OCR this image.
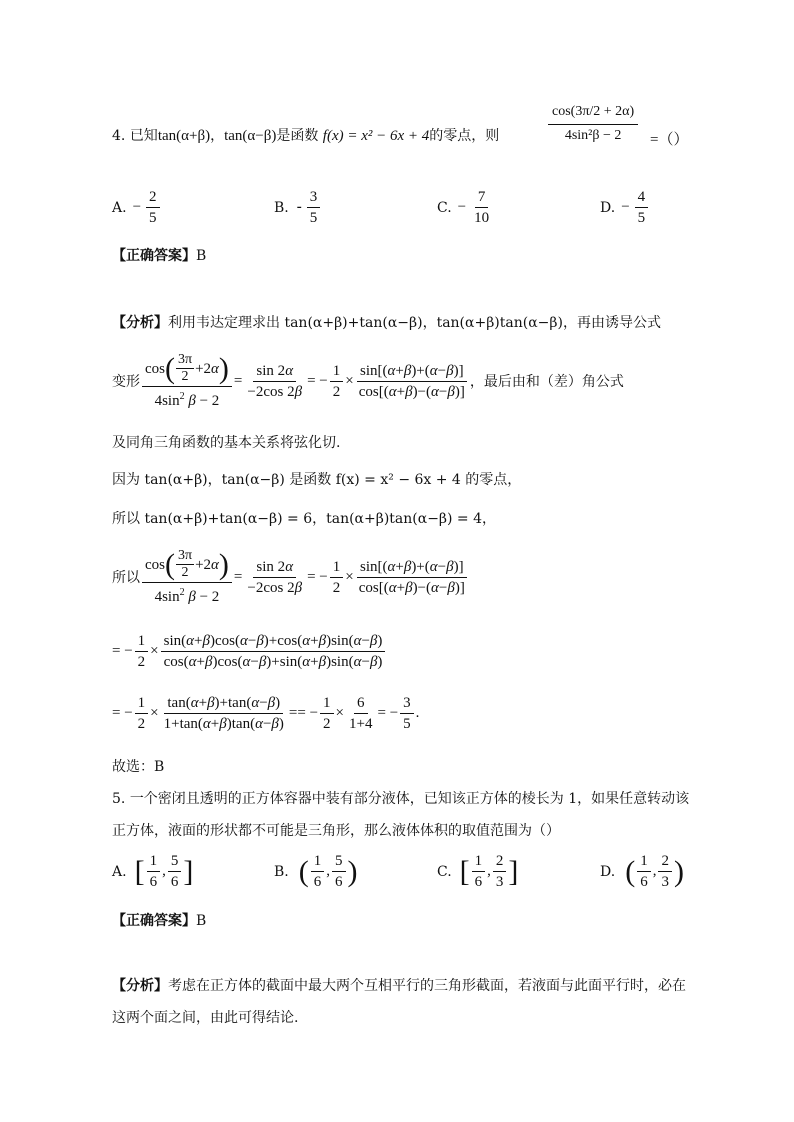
4. 已知tan(α+β)，tan(α−β)是函数 f(x) = x² − 6x + 4的零点，则	$\frac{\cos(3\pi/2 + 2\alpha)}{\text{4sin²β − 2}}$ =（）
A. − $\frac{2}{5}$	B. - $\frac{3}{5}$	C. − $\frac{7}{10}$	D. − $\frac{4}{5}$
【正确答案】B
【分析】利用韦达定理求出 tan(α+β)+tan(α−β)，tan(α+β)tan(α−β)，再由诱导公式
变形 $\frac{\cos ( \frac{3\pi}{2} +2 \alpha )}{4\sin^2 \beta - 2} = \frac{\sin 2\alpha}{-2\cos 2\beta}$ = − $\frac{1}{2} \times \frac{\sin[(\alpha+\beta)+(\alpha-\beta)]}{\cos[(\alpha+\beta)-(\alpha-\beta)]}$ ，最后由和（差）角公式
及同角三角函数的基本关系将弦化切.
因为 tan(α+β)，tan(α−β) 是函数 f(x) = x² − 6x + 4 的零点，
所以 tan(α+β)+tan(α−β) = 6，tan(α+β)tan(α−β) = 4，
所以 $\frac{\cos ( \frac{3\pi}{2} +2 \alpha )}{4\sin^2 \beta - 2} = \frac{\sin 2\alpha}{-2\cos 2\beta}$ = − $\frac{1}{2} \times \frac{\sin[(\alpha+\beta)+(\alpha-\beta)]}{\cos[(\alpha+\beta)-(\alpha-\beta)]}$
= − $\frac{1}{2} \times \frac{\sin(\alpha+\beta)\cos(\alpha-\beta)+\cos(\alpha+\beta)\sin(\alpha-\beta)}{\cos(\alpha+\beta)\cos(\alpha-\beta)+\sin(\alpha+\beta)\sin(\alpha-\beta)}$
= − $\frac{1}{2} \times \frac{\tan(\alpha+\beta)+\tan(\alpha-\beta)}{1+\tan(\alpha+\beta)\tan(\alpha-\beta)}$ == − $\frac{1}{2} \times \frac{6}{1+4}$ = − $\frac{3}{5}$ .
故选：B
5. 一个密闭且透明的正方体容器中装有部分液体，已知该正方体的棱长为 1，如果任意转动该
正方体，液面的形状都不可能是三角形，那么液体体积的取值范围为（）
A. [ $\frac{1}{6}$ , $\frac{5}{6}$ ]	B. ( $\frac{1}{6}$ , $\frac{5}{6}$ )	C. [ $\frac{1}{6}$ , $\frac{2}{3}$ ]	D. ( $\frac{1}{6}$ , $\frac{2}{3}$ )
【正确答案】B
【分析】考虑在正方体的截面中最大两个互相平行的三角形截面，若液面与此面平行时，必在
这两个面之间，由此可得结论.
